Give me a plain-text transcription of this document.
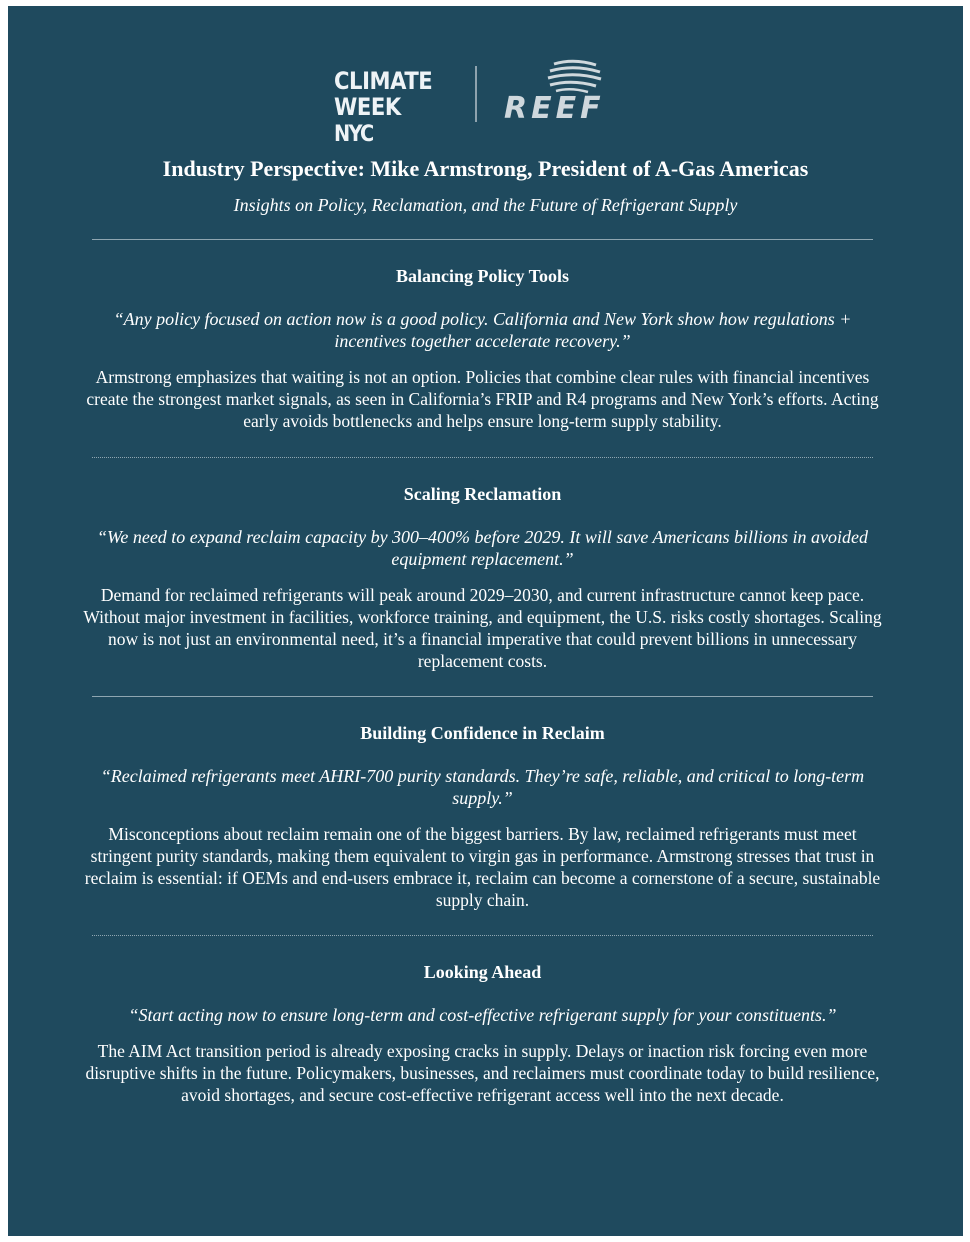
CLIMATE
WEEK NYC
REEF
Industry Perspective: Mike Armstrong, President of A-Gas Americas
Insights on Policy, Reclamation, and the Future of Refrigerant Supply
Balancing Policy Tools

“Any policy focused on action now is a good policy. California and New York show how regulations + incentives together accelerate recovery.”

Armstrong emphasizes that waiting is not an option. Policies that combine clear rules with financial incentives create the strongest market signals, as seen in California’s FRIP and R4 programs and New York’s efforts. Acting early avoids bottlenecks and helps ensure long-term supply stability.

Scaling Reclamation

“We need to expand reclaim capacity by 300–400% before 2029. It will save Americans billions in avoided equipment replacement.”

Demand for reclaimed refrigerants will peak around 2029–2030, and current infrastructure cannot keep pace. Without major investment in facilities, workforce training, and equipment, the U.S. risks costly shortages. Scaling now is not just an environmental need, it’s a financial imperative that could prevent billions in unnecessary replacement costs.

Building Confidence in Reclaim

“Reclaimed refrigerants meet AHRI-700 purity standards. They’re safe, reliable, and critical to long-term supply.”

Misconceptions about reclaim remain one of the biggest barriers. By law, reclaimed refrigerants must meet stringent purity standards, making them equivalent to virgin gas in performance. Armstrong stresses that trust in reclaim is essential: if OEMs and end-users embrace it, reclaim can become a cornerstone of a secure, sustainable supply chain.

Looking Ahead

“Start acting now to ensure long-term and cost-effective refrigerant supply for your constituents.”

The AIM Act transition period is already exposing cracks in supply. Delays or inaction risk forcing even more disruptive shifts in the future. Policymakers, businesses, and reclaimers must coordinate today to build resilience, avoid shortages, and secure cost-effective refrigerant access well into the next decade.
